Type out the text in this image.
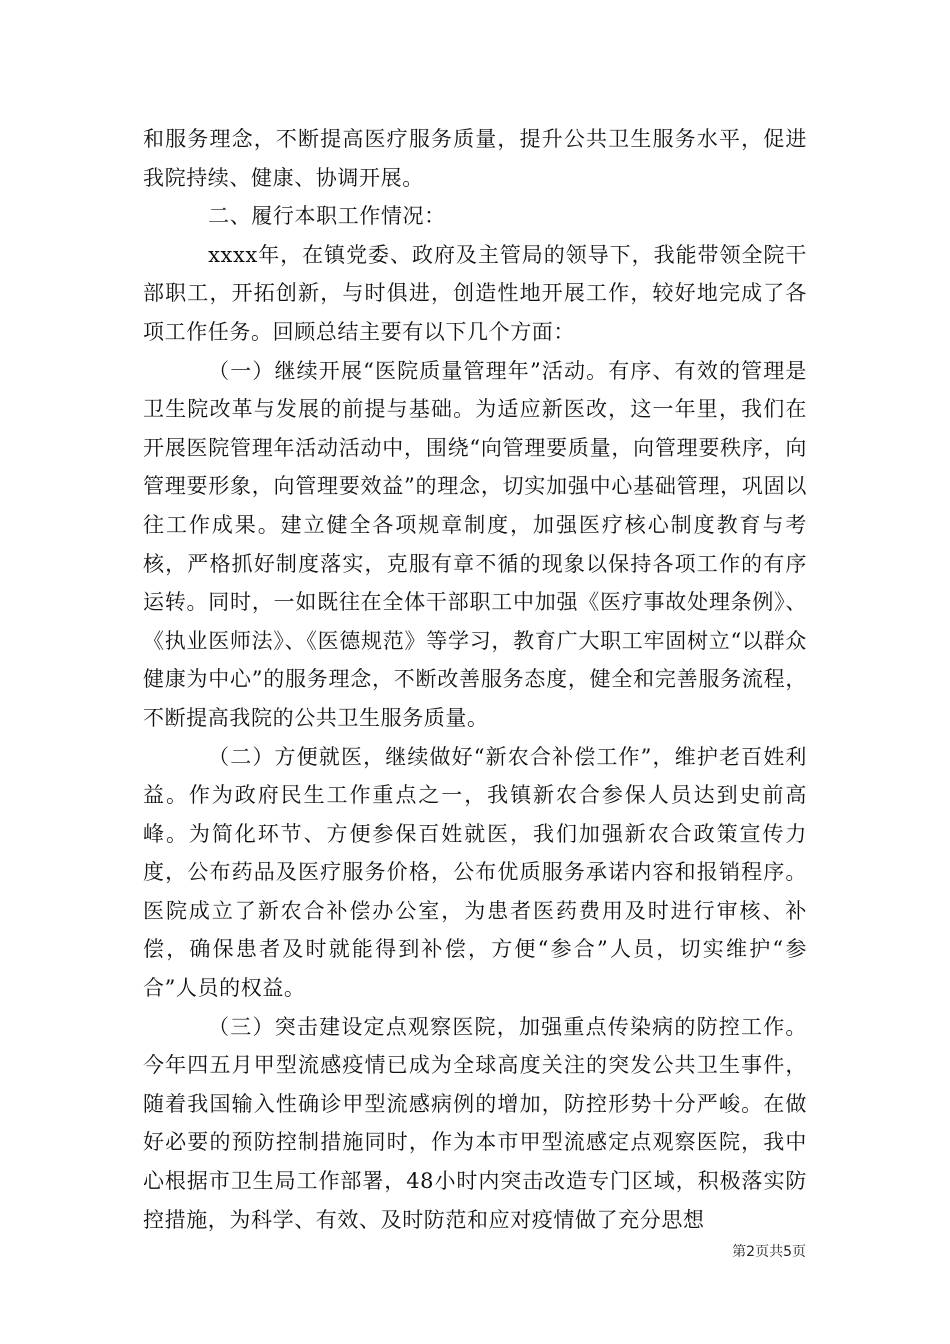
和服务理念，不断提高医疗服务质量，提升公共卫生服务水平，促进我院持续、健康、协调开展。

二、履行本职工作情况：

xxxx年，在镇党委、政府及主管局的领导下，我能带领全院干部职工，开拓创新，与时俱进，创造性地开展工作，较好地完成了各项工作任务。回顾总结主要有以下几个方面：

（一）继续开展“医院质量管理年”活动。有序、有效的管理是卫生院改革与发展的前提与基础。为适应新医改，这一年里，我们在开展医院管理年活动活动中，围绕“向管理要质量，向管理要秩序，向管理要形象，向管理要效益”的理念，切实加强中心基础管理，巩固以往工作成果。建立健全各项规章制度，加强医疗核心制度教育与考核，严格抓好制度落实，克服有章不循的现象以保持各项工作的有序运转。同时，一如既往在全体干部职工中加强《医疗事故处理条例》、《执业医师法》、《医德规范》等学习，教育广大职工牢固树立“以群众健康为中心”的服务理念，不断改善服务态度，健全和完善服务流程，不断提高我院的公共卫生服务质量。

（二）方便就医，继续做好“新农合补偿工作”，维护老百姓利益。作为政府民生工作重点之一，我镇新农合参保人员达到史前高峰。为简化环节、方便参保百姓就医，我们加强新农合政策宣传力度，公布药品及医疗服务价格，公布优质服务承诺内容和报销程序。医院成立了新农合补偿办公室，为患者医药费用及时进行审核、补偿，确保患者及时就能得到补偿，方便“参合”人员，切实维护“参合”人员的权益。

（三）突击建设定点观察医院，加强重点传染病的防控工作。今年四五月甲型流感疫情已成为全球高度关注的突发公共卫生事件，随着我国输入性确诊甲型流感病例的增加，防控形势十分严峻。在做好必要的预防控制措施同时，作为本市甲型流感定点观察医院，我中心根据市卫生局工作部署，48小时内突击改造专门区域，积极落实防控措施，为科学、有效、及时防范和应对疫情做了充分思想

第2页共5页
